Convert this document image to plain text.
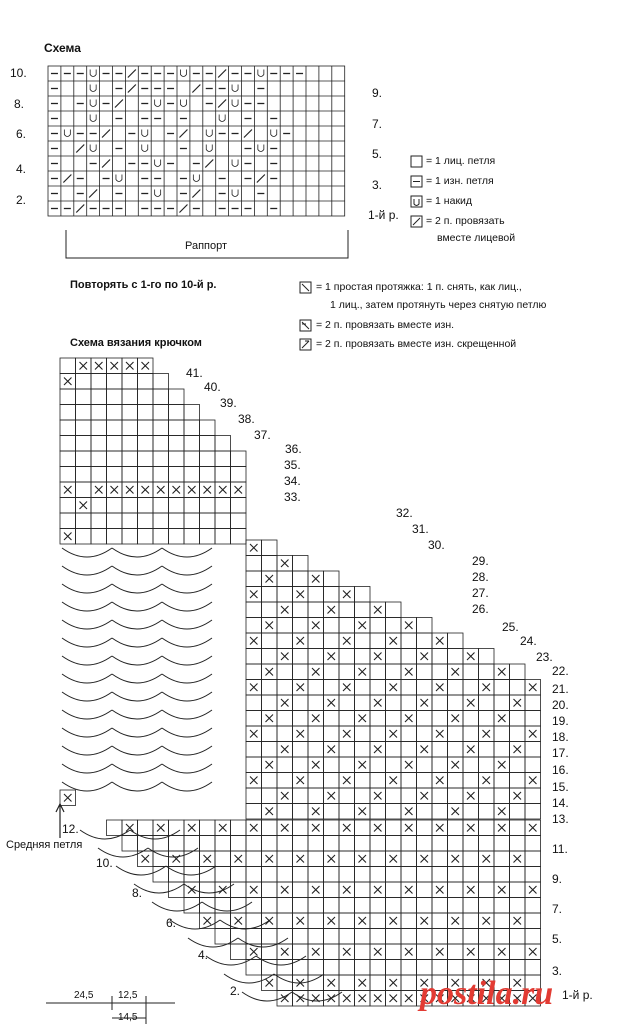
Схема
10.
8.
6.
4.
2.
9.
7.
5.
3.
1-й р.
Раппорт
Повторять с 1-го по 10-й р.
= 1 лиц. петля
= 1 изн. петля
= 1 накид
= 2 п. провязать
вместе лицевой
= 1 простая протяжка: 1 п. снять, как лиц.,
1 лиц., затем протянуть через снятую петлю
= 2 п. провязать вместе изн.
= 2 п. провязать вместе изн. скрещенной
Схема вязания крючком
41.
40.
39.
38.
37.
36.
35.
34.
33.
32.
31.
30.
29.
28.
27.
26.
25.
24.
23.
22.
21.
20.
19.
18.
17.
16.
15.
14.
13.
11.
9.
7.
5.
3.
1-й р.
12.
10.
8.
6.
4.
2.
Средняя петля
24,5 12,5
14,5
postila.ru
